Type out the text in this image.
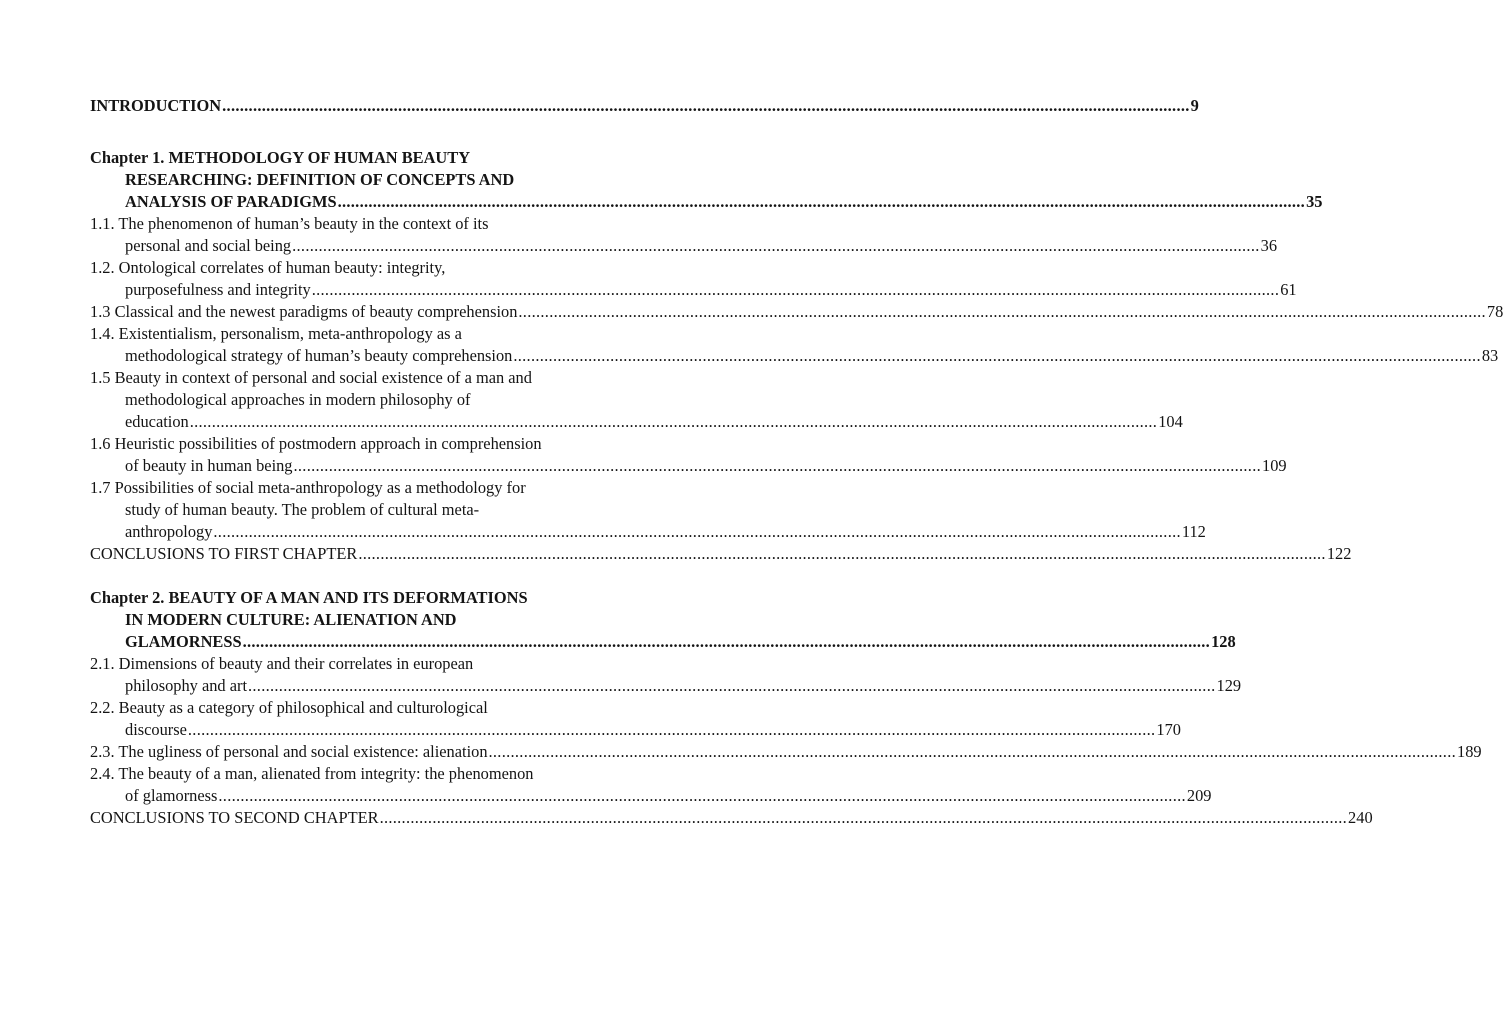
INTRODUCTION ............................................................................................................................................................................................................................ 9
Chapter 1. METHODOLOGY OF HUMAN BEAUTY
RESEARCHING: DEFINITION OF CONCEPTS AND
ANALYSIS OF PARADIGMS ............................................................................................................................................................................................................................ 35
1.1. The phenomenon of human’s beauty in the context of its
personal and social being ............................................................................................................................................................................................................................ 36
1.2. Ontological correlates of human beauty: integrity,
purposefulness and integrity ............................................................................................................................................................................................................................ 61
1.3 Classical and the newest paradigms of beauty comprehension ............................................................................................................................................................................................................................ 78
1.4. Existentialism, personalism, meta-anthropology as a
methodological strategy of human’s beauty comprehension ............................................................................................................................................................................................................................ 83
1.5 Beauty in context of personal and social existence of a man and
methodological approaches in modern philosophy of
education ............................................................................................................................................................................................................................ 104
1.6 Heuristic possibilities of postmodern approach in comprehension
of beauty in human being ............................................................................................................................................................................................................................ 109
1.7 Possibilities of social meta-anthropology as a methodology for
study of human beauty. The problem of cultural meta-
anthropology ............................................................................................................................................................................................................................ 112
CONCLUSIONS TO FIRST CHAPTER ............................................................................................................................................................................................................................ 122
Chapter 2. BEAUTY OF A MAN AND ITS DEFORMATIONS
IN MODERN CULTURE: ALIENATION AND
GLAMORNESS ............................................................................................................................................................................................................................ 128
2.1. Dimensions of beauty and their correlates in european
philosophy and art ............................................................................................................................................................................................................................ 129
2.2. Beauty as a category of philosophical and culturological
discourse ............................................................................................................................................................................................................................ 170
2.3. The ugliness of personal and social existence: alienation ............................................................................................................................................................................................................................ 189
2.4. The beauty of a man, alienated from integrity: the phenomenon
of glamorness ............................................................................................................................................................................................................................ 209
CONCLUSIONS TO SECOND CHAPTER ............................................................................................................................................................................................................................ 240
